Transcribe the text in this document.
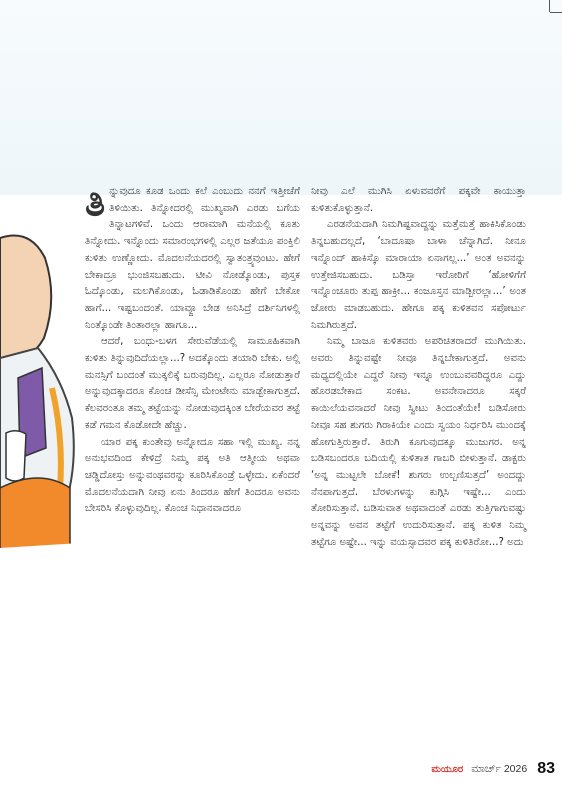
ತಿನ್ನುವುದೂ ಕೂಡ ಒಂದು ಕಲೆ ಎಂಬುದು ನನಗೆ ಇತ್ತೀಚೆಗೆ ತಿಳಿಯಿತು. ತಿನ್ನೋದರಲ್ಲಿ ಮುಖ್ಯವಾಗಿ ಎರಡು ಬಗೆಯ ತಿನ್ನಾಟಗಳಿವೆ. ಒಂದು ಆರಾಮಾಗಿ ಮನೆಯಲ್ಲಿ ಕೂತು ತಿನ್ನೋದು. ಇನ್ನೊಂದು ಸಮಾರಂಭಗಳಲ್ಲಿ ಎಲ್ಲರ ಜತೆಯೂ ಪಂಕ್ತಿಲಿ ಕುಳಿತು ಉಣ್ಣೋದು. ಮೊದಲನೆಯದರಲ್ಲಿ ಸ್ವಾತಂತ್ರ್ಯವುಂಟು. ಹೇಗೆ ಬೇಕಾದ್ರೂ ಭುಂಜಿಸಬಹುದು. ಟೀವಿ ನೋಡ್ಕೊಂಡು, ಪುಸ್ತಕ ಓದ್ಕೊಂಡು, ಮಲಗಿಕೊಂಡು, ಓಡಾಡಿಕೊಂಡು ಹೇಗೆ ಬೇಕೋ ಹಾಗೆ... ಇಷ್ಟಬಂದಂತೆ. ಯಾವ್ದೂ ಬೇಡ ಅನಿಸಿದ್ರೆ ದರ್ಶಿನಿಗಳಲ್ಲಿ ನಿಂತ್ಕೊಂಡೇ ತಿಂತಾರಲ್ಲಾ ಹಾಗೂ...

ಆದರೆ, ಬಂಧು-ಬಳಗ ಸೇರುವೆಡೆಯಲ್ಲಿ ಸಾಮೂಹಿಕವಾಗಿ ಕುಳಿತು ತಿನ್ನುವುದಿದೆಯಲ್ಲಾ...? ಅದಕ್ಕೊಂದು ತಯಾರಿ ಬೇಕು. ಅಲ್ಲಿ ಮನಸ್ಸಿಗೆ ಬಂದಂತೆ ಮುಕ್ಕಲಿಕ್ಕೆ ಬರುವುದಿಲ್ಲ. ಎಲ್ಲರೂ ನೋಡುತ್ತಾರೆ ಅನ್ನುವುದಕ್ಕಾದರೂ ಕೊಂಚ ಡೀಸೆನ್ಸಿ ಮೇಂಟೇನು ಮಾಡ್ಬೇಕಾಗುತ್ತದೆ. ಕೆಲವರಂತೂ ತಮ್ಮ ತಟ್ಟೆಯನ್ನು ನೋಡುವುದಕ್ಕಿಂತ ಬೇರೆಯವರ ತಟ್ಟೆ ಕಡೆ ಗಮನ ಕೊಡೋದೇ ಹೆಚ್ಚು.

ಯಾರ ಪಕ್ಕ ಕುಂತೇವು ಅನ್ನೋದೂ ಸಹಾ ಇಲ್ಲಿ ಮುಖ್ಯ. ನನ್ನ ಅನುಭವದಿಂದ ಕೇಳಿದ್ರೆ ನಿಮ್ಮ ಪಕ್ಕ ಅತಿ ಆತ್ಮೀಯ ಅಥವಾ ಚಡ್ಡಿದೋಸ್ತು ಅನ್ನುವಂಥವರನ್ನು ಕೂರಿಸಿಕೊಂಡ್ರೆ ಒಳ್ಳೇದು. ಏಕೆಂದರೆ ಮೊದಲನೆಯದಾಗಿ ನೀವು ಏನು ತಿಂದರೂ ಹೇಗೆ ತಿಂದರೂ ಅವನು ಬೇಸರಿಸಿ ಕೊಳ್ಳುವುದಿಲ್ಲ. ಕೊಂಚ ನಿಧಾನವಾದರೂ

ನೀವು ಎಲೆ ಮುಗಿಸಿ ಏಳುವವರೆಗೆ ಪಕ್ಕವೇ ಕಾಯುತ್ತಾ ಕುಳಿತುಕೊಳ್ಳುತ್ತಾನೆ.

ಎರಡನೆಯದಾಗಿ ನಿಮಗಿಷ್ಟವಾದ್ದನ್ನು ಮತ್ತೆಮತ್ತೆ ಹಾಕಿಸಿಕೊಂಡು ತಿನ್ನಬಹುದಲ್ಲದೆ, ‘ಬಾದೂಷಾ ಬಾಳಾ ಚೆನ್ನಾಗಿದೆ. ನೀನೂ ಇನ್ನೊಂದ್ ಹಾಕಿಸ್ಕೊ ಮಾರಾಯಾ ಏನಾಗಲ್ಲ...’ ಅಂತ ಅವನನ್ನು ಉತ್ತೇಜಿಸಬಹುದು. ಬಡಿಸ್ತಾ ಇರೋರಿಗೆ ‘ಹೋಳಿಗೆಗೆ ಇನ್ನೊಂಚೂರು ತುಪ್ಪ ಹಾಕ್ರೀ... ಕಂಜೂಸ್ತನ ಮಾಡ್ಬೀರಲ್ಲಾ...’ ಅಂತ ಜೋರು ಮಾಡಬಹುದು. ಹೇಗೂ ಪಕ್ಕ ಕುಳಿತವನ ಸಪೋರ್ಟು ನಿಮಗಿರುತ್ತದೆ.

ನಿಮ್ಮ ಬಾಜೂ ಕುಳಿತವರು ಅಪರಿಚಿತರಾದರೆ ಮುಗಿಯಿತು. ಅವರು ತಿನ್ನುವಷ್ಟೇ ನೀವೂ ತಿನ್ನಬೇಕಾಗುತ್ತದೆ. ಅವನು ಮಧ್ಯದಲ್ಲಿಯೇ ಎದ್ದರೆ ನೀವು ಇನ್ನೂ ಉಂಬುವವರಿದ್ದರೂ ಎದ್ದು ಹೊರಡಬೇಕಾದ ಸಂಕಟ. ಅವನೇನಾದರೂ ಸಕ್ಕರೆ ಕಾಯಿಲೆಯವನಾದರೆ ನೀವು ಸ್ವೀಟು ತಿಂದಂತೆಯೇ! ಬಡಿಸೋರು ನೀವೂ ಸಹ ಶುಗರು ಗಿರಾಕಿಯೇ ಎಂದು ಸ್ವಯಂ ನಿರ್ಧರಿಸಿ ಮುಂದಕ್ಕೆ ಹೋಗುತ್ತಿರುತ್ತಾರೆ. ತಿರುಗಿ ಕೂಗುವುದಕ್ಕೂ ಮುಜುಗರ. ಅನ್ನ ಬಡಿಸಬಂದರೂ ಬದಿಯಲ್ಲಿ ಕುಳಿತಾತ ಗಾಬರಿ ಬೀಳುತ್ತಾನೆ. ಡಾಕ್ಟರು ‘ಅನ್ನ ಮುಟ್ಟಲೇ ಬೋಕೆ! ಶುಗರು ಉಲ್ಬಣಿಸುತ್ತದೆ’ ಅಂದದ್ದು ನೆನಪಾಗುತ್ತದೆ. ಬೆರಳುಗಳನ್ನು ಕುಗ್ಗಿಸಿ ಇಷ್ಟೇ... ಎಂದು ತೋರಿಸುತ್ತಾನೆ. ಬಡಿಸುವಾತ ಅಥವಾದಂತೆ ಎರಡು ತುತ್ತಿಗಾಗುವಷ್ಟು ಅನ್ನವನ್ನು ಅವನ ತಟ್ಟೆಗೆ ಉದುರಿಸುತ್ತಾನೆ. ಪಕ್ಕ ಕುಳಿತ ನಿಮ್ಮ ತಟ್ಟೆಗೂ ಅಷ್ಟೇ... ಇನ್ನು ವಯಸ್ಸಾದವರ ಪಕ್ಕ ಕುಳಿತಿರೋ...? ಅದು

ಮಯೂರ ಮಾರ್ಚ್ 2026 83
